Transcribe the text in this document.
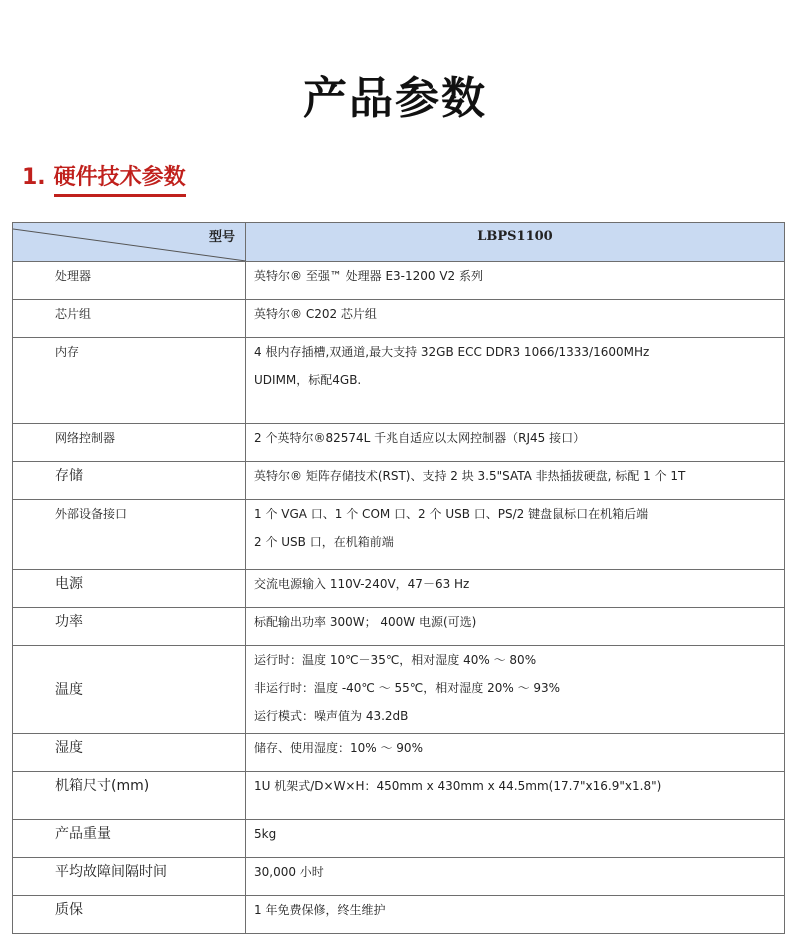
产品参数
1. 硬件技术参数
型号	LBPS1100
处理器	英特尔® 至强™ 处理器 E3-1200 V2 系列

芯片组	英特尔® C202 芯片组

内存	4 根内存插槽,双通道,最大支持 32GB ECC DDR3 1066/1333/1600MHz
UDIMM，标配4GB.

网络控制器	2 个英特尔®82574L 千兆自适应以太网控制器（RJ45 接口）

存储	英特尔® 矩阵存储技术(RST)、支持 2 块 3.5"SATA 非热插拔硬盘, 标配 1 个 1T

外部设备接口	1 个 VGA 口、1 个 COM 口、2 个 USB 口、PS/2 键盘鼠标口在机箱后端
2 个 USB 口，在机箱前端

电源	交流电源输入 110V-240V，47－63 Hz

功率	标配输出功率 300W； 400W 电源(可选)

温度	运行时：温度 10℃－35℃，相对湿度 40% ～ 80%
非运行时：温度 -40℃ ～ 55℃，相对湿度 20% ～ 93%
运行模式：噪声值为 43.2dB

湿度	储存、使用湿度：10% ～ 90%

机箱尺寸(mm)	1U 机架式/D×W×H：450mm x 430mm x 44.5mm(17.7"x16.9"x1.8")

产品重量	5kg

平均故障间隔时间	30,000 小时

质保	1 年免费保修，终生维护
